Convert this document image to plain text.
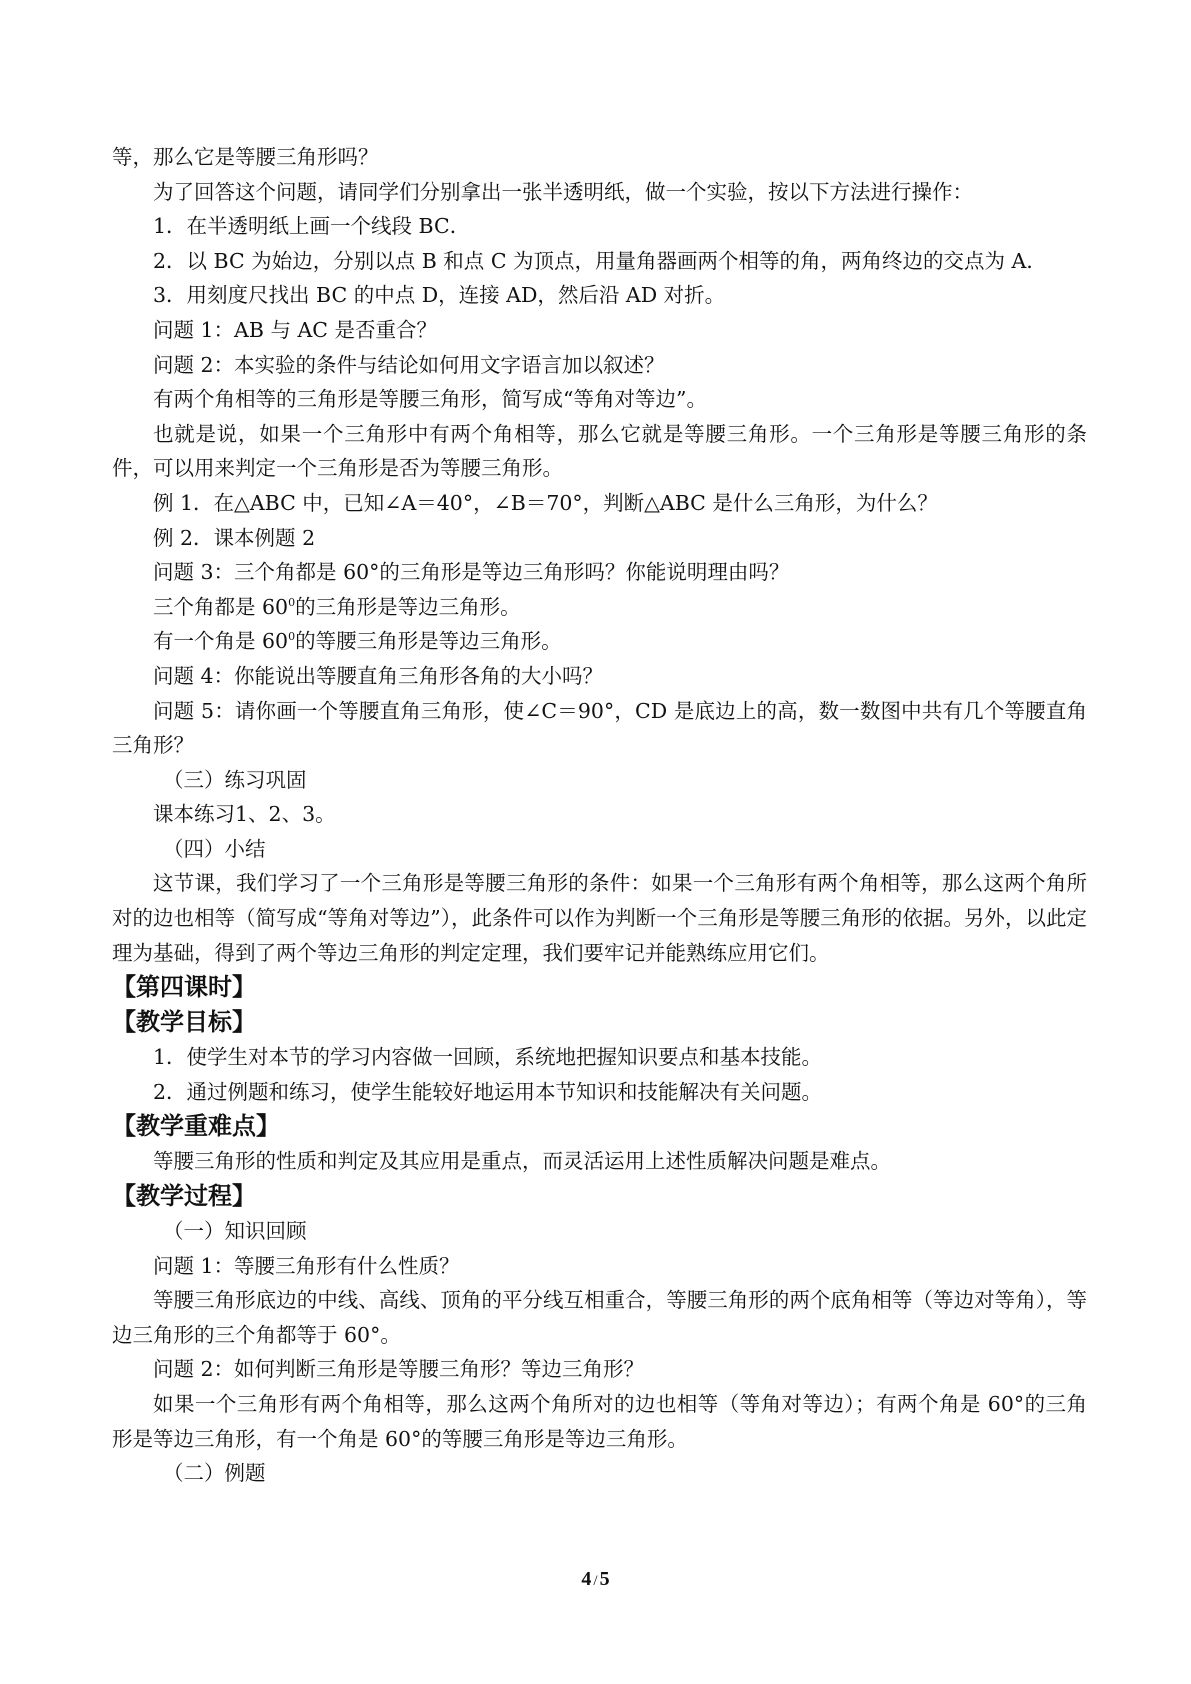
等，那么它是等腰三角形吗？

为了回答这个问题，请同学们分别拿出一张半透明纸，做一个实验，按以下方法进行操作：

1．在半透明纸上画一个线段 BC．

2．以 BC 为始边，分别以点 B 和点 C 为顶点，用量角器画两个相等的角，两角终边的交点为 A．

3．用刻度尺找出 BC 的中点 D，连接 AD，然后沿 AD 对折。

问题 1：AB 与 AC 是否重合？

问题 2：本实验的条件与结论如何用文字语言加以叙述？

有两个角相等的三角形是等腰三角形，简写成“等角对等边”。

也就是说，如果一个三角形中有两个角相等，那么它就是等腰三角形。一个三角形是等腰三角形的条件，可以用来判定一个三角形是否为等腰三角形。

例 1．在△ABC 中，已知∠A＝40°，∠B＝70°，判断△ABC 是什么三角形，为什么？

例 2．课本例题 2

问题 3：三个角都是 60°的三角形是等边三角形吗？你能说明理由吗？

三个角都是 $60^0$的三角形是等边三角形。

有一个角是 $60^0$的等腰三角形是等边三角形。

问题 4：你能说出等腰直角三角形各角的大小吗？

问题 5：请你画一个等腰直角三角形，使∠C＝90°，CD 是底边上的高，数一数图中共有几个等腰直角三角形？

（三）练习巩固

课本练习1、2、3。

（四）小结

这节课，我们学习了一个三角形是等腰三角形的条件：如果一个三角形有两个角相等，那么这两个角所对的边也相等（简写成“等角对等边”），此条件可以作为判断一个三角形是等腰三角形的依据。另外，以此定理为基础，得到了两个等边三角形的判定定理，我们要牢记并能熟练应用它们。

【第四课时】

【教学目标】

1．使学生对本节的学习内容做一回顾，系统地把握知识要点和基本技能。

2．通过例题和练习，使学生能较好地运用本节知识和技能解决有关问题。

【教学重难点】

等腰三角形的性质和判定及其应用是重点，而灵活运用上述性质解决问题是难点。

【教学过程】

（一）知识回顾

问题 1：等腰三角形有什么性质？

等腰三角形底边的中线、高线、顶角的平分线互相重合，等腰三角形的两个底角相等（等边对等角），等边三角形的三个角都等于 60°。

问题 2：如何判断三角形是等腰三角形？等边三角形？

如果一个三角形有两个角相等，那么这两个角所对的边也相等（等角对等边）；有两个角是 60°的三角形是等边三角形，有一个角是 60°的等腰三角形是等边三角形。

（二）例题

4 / 5
